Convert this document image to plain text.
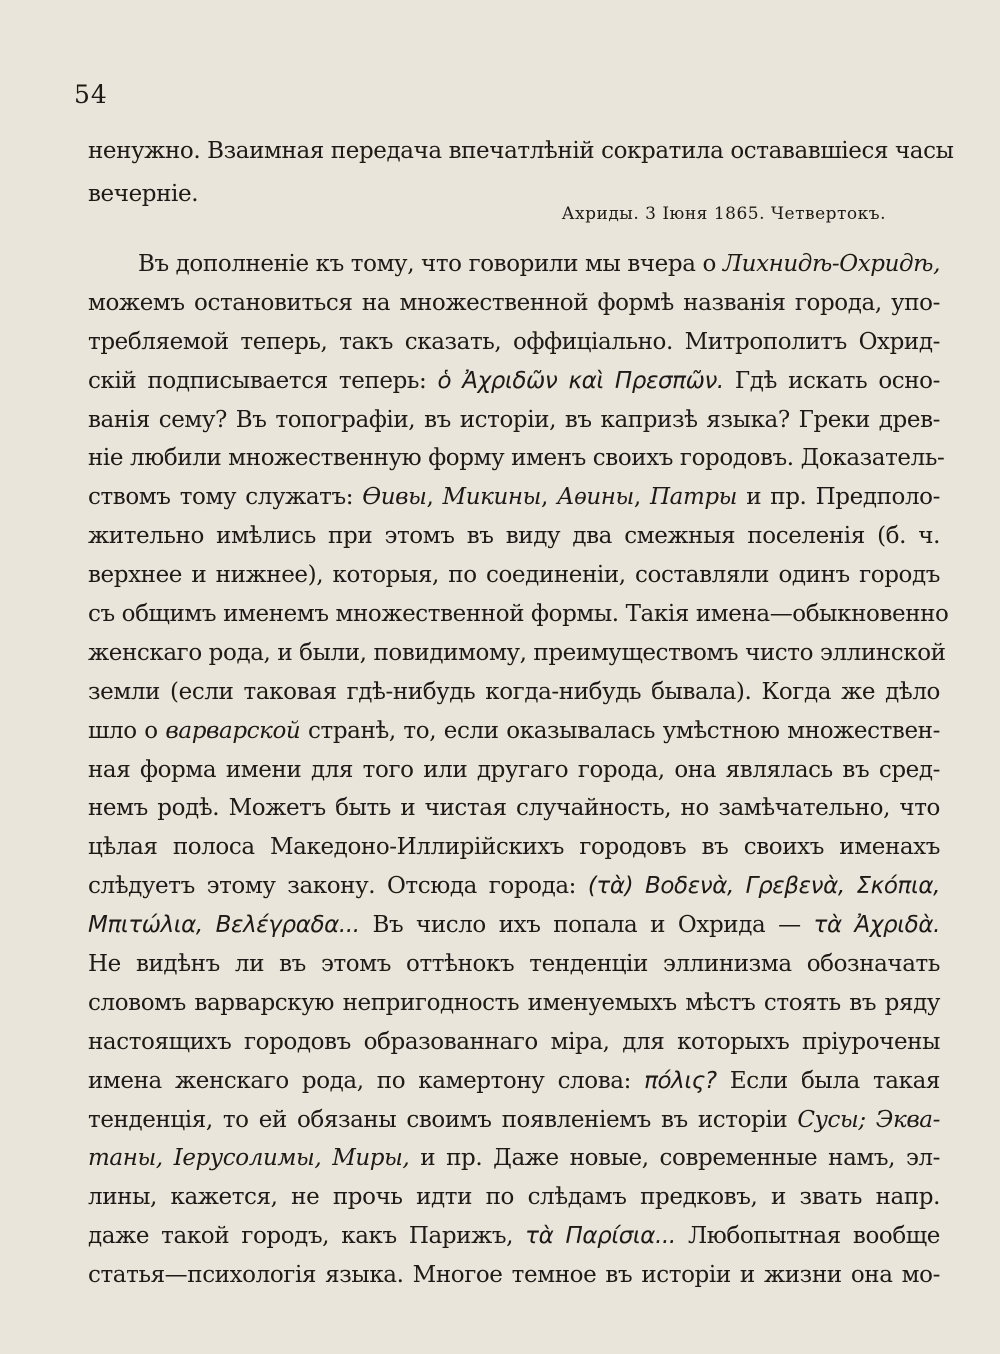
54
ненужно. Взаимная передача впечатлѣнiй сократила остававшiеся часы
вечернiе.
Ахриды. 3 Iюня 1865. Четвертокъ.
Въ дополненiе къ тому, что говорили мы вчера о Лихнидѣ-Охридѣ,
можемъ остановиться на множественной формѣ названiя города, упо-
требляемой теперь, такъ сказать, оффицiально. Митрополитъ Охрид-
скiй подписывается теперь: ὁ Ἀχριδῶν καὶ Πρεσπῶν. Гдѣ искать осно-
ванiя сему? Въ топографiи, въ исторiи, въ капризѣ языка? Греки древ-
нiе любили множественную форму именъ своихъ городовъ. Доказатель-
ствомъ тому служатъ: Ѳивы, Микины, Аѳины, Патры и пр. Предполо-
жительно имѣлись при этомъ въ виду два смежныя поселенiя (б. ч.
верхнее и нижнее), которыя, по соединенiи, составляли одинъ городъ
съ общимъ именемъ множественной формы. Такiя имена—обыкновенно
женскаго рода, и были, повидимому, преимуществомъ чисто эллинской
земли (если таковая гдѣ-нибудь когда-нибудь бывала). Когда же дѣло
шло о варварской странѣ, то, если оказывалась умѣстною множествен-
ная форма имени для того или другаго города, она являлась въ сред-
немъ родѣ. Можетъ быть и чистая случайность, но замѣчательно, что
цѣлая полоса Македоно-Иллирiйскихъ городовъ въ своихъ именахъ
слѣдуетъ этому закону. Отсюда города: (τὰ) Βοδενὰ, Γρεβενὰ, Σκόπια,
Μπιτώλια, Βελέγραδα... Въ число ихъ попала и Охрида — τὰ Ἀχριδὰ.
Не видѣнъ ли въ этомъ оттѣнокъ тенденцiи эллинизма обозначать
словомъ варварскую непригодность именуемыхъ мѣстъ стоять въ ряду
настоящихъ городовъ образованнаго мiра, для которыхъ прiурочены
имена женскаго рода, по камертону слова: πόλις? Если была такая
тенденцiя, то ей обязаны своимъ появленiемъ въ исторiи Сусы; Эква-
таны, Iерусолимы, Миры, и пр. Даже новые, современные намъ, эл-
лины, кажется, не прочь идти по слѣдамъ предковъ, и звать напр.
даже такой городъ, какъ Парижъ, τὰ Παρίσια... Любопытная вообще
статья—психологiя языка. Многое темное въ исторiи и жизни она мо-
